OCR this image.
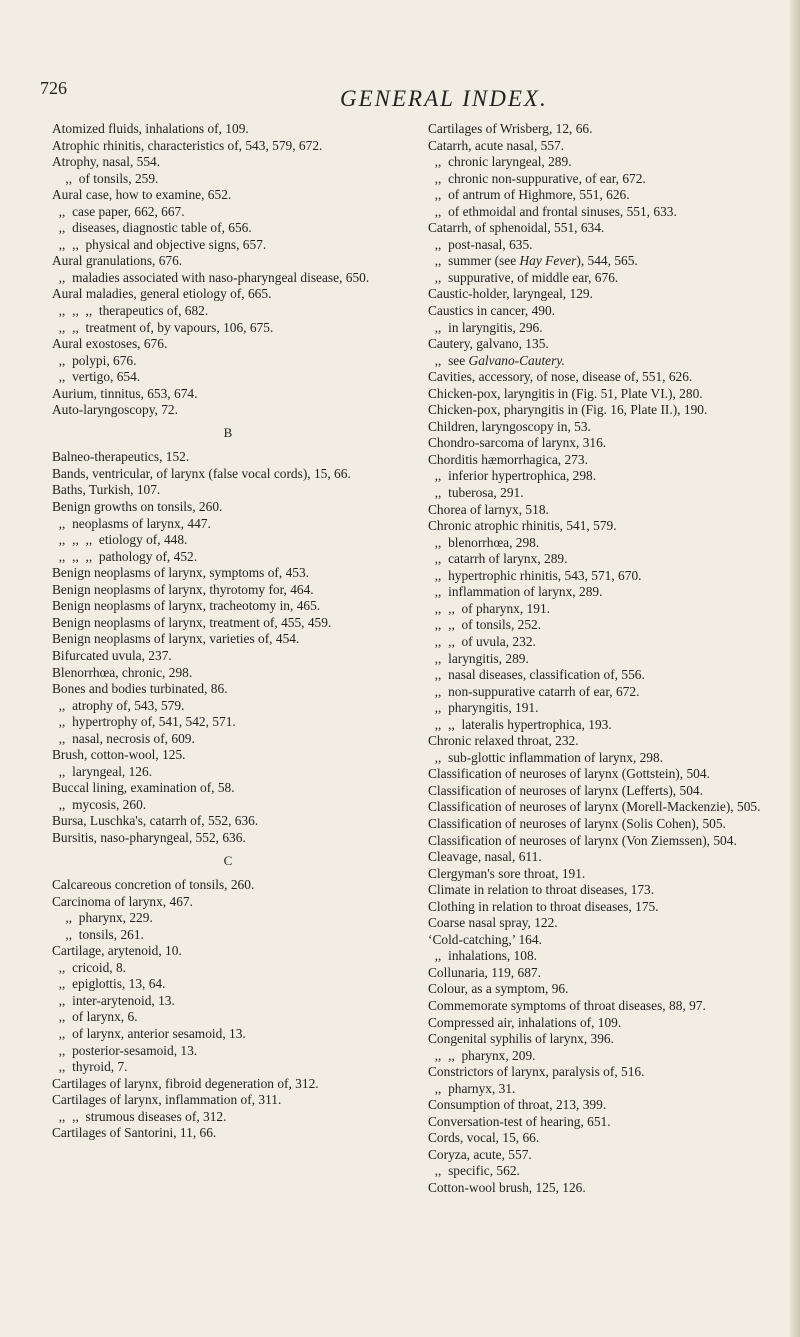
726	GENERAL INDEX.
Atomized fluids, inhalations of, 109.
Atrophic rhinitis, characteristics of, 543, 579, 672.
Atrophy, nasal, 554.
,,  of tonsils, 259.
Aural case, how to examine, 652.
,,  case paper, 662, 667.
,,  diseases, diagnostic table of, 656.
,,  ,,  physical and objective signs, 657.
Aural granulations, 676.
,,  maladies associated with naso-pharyngeal disease, 650.
Aural maladies, general etiology of, 665.
,,  ,,  ,,  therapeutics of, 682.
,,  ,,  treatment of, by vapours, 106, 675.
Aural exostoses, 676.
,,  polypi, 676.
,,  vertigo, 654.
Aurium, tinnitus, 653, 674.
Auto-laryngoscopy, 72.
B
Balneo-therapeutics, 152.
Bands, ventricular, of larynx (false vocal cords), 15, 66.
Baths, Turkish, 107.
Benign growths on tonsils, 260.
,,  neoplasms of larynx, 447.
,,  ,,  ,,  etiology of, 448.
,,  ,,  ,,  pathology of, 452.
Benign neoplasms of larynx, symptoms of, 453.
Benign neoplasms of larynx, thyrotomy for, 464.
Benign neoplasms of larynx, tracheotomy in, 465.
Benign neoplasms of larynx, treatment of, 455, 459.
Benign neoplasms of larynx, varieties of, 454.
Bifurcated uvula, 237.
Blenorrhœa, chronic, 298.
Bones and bodies turbinated, 86.
,,  atrophy of, 543, 579.
,,  hypertrophy of, 541, 542, 571.
,,  nasal, necrosis of, 609.
Brush, cotton-wool, 125.
,,  laryngeal, 126.
Buccal lining, examination of, 58.
,,  mycosis, 260.
Bursa, Luschka's, catarrh of, 552, 636.
Bursitis, naso-pharyngeal, 552, 636.
C
Calcareous concretion of tonsils, 260.
Carcinoma of larynx, 467.
,,  pharynx, 229.
,,  tonsils, 261.
Cartilage, arytenoid, 10.
,,  cricoid, 8.
,,  epiglottis, 13, 64.
,,  inter-arytenoid, 13.
,,  of larynx, 6.
,,  of larynx, anterior sesamoid, 13.
,,  posterior-sesamoid, 13.
,,  thyroid, 7.
Cartilages of larynx, fibroid degeneration of, 312.
Cartilages of larynx, inflammation of, 311.
,,  ,,  strumous diseases of, 312.
Cartilages of Santorini, 11, 66.
Cartilages of Wrisberg, 12, 66.
Catarrh, acute nasal, 557.
,,  chronic laryngeal, 289.
,,  chronic non-suppurative, of ear, 672.
,,  of antrum of Highmore, 551, 626.
,,  of ethmoidal and frontal sinuses, 551, 633.
Catarrh, of sphenoidal, 551, 634.
,,  post-nasal, 635.
,,  summer (see Hay Fever), 544, 565.
,,  suppurative, of middle ear, 676.
Caustic-holder, laryngeal, 129.
Caustics in cancer, 490.
,,  in laryngitis, 296.
Cautery, galvano, 135.
,,  see Galvano-Cautery.
Cavities, accessory, of nose, disease of, 551, 626.
Chicken-pox, laryngitis in (Fig. 51, Plate VI.), 280.
Chicken-pox, pharyngitis in (Fig. 16, Plate II.), 190.
Children, laryngoscopy in, 53.
Chondro-sarcoma of larynx, 316.
Chorditis hæmorrhagica, 273.
,,  inferior hypertrophica, 298.
,,  tuberosa, 291.
Chorea of larnyx, 518.
Chronic atrophic rhinitis, 541, 579.
,,  blenorrhœa, 298.
,,  catarrh of larynx, 289.
,,  hypertrophic rhinitis, 543, 571, 670.
,,  inflammation of larynx, 289.
,,  ,,  of pharynx, 191.
,,  ,,  of tonsils, 252.
,,  ,,  of uvula, 232.
,,  laryngitis, 289.
,,  nasal diseases, classification of, 556.
,,  non-suppurative catarrh of ear, 672.
,,  pharyngitis, 191.
,,  ,,  lateralis hypertrophica, 193.
Chronic relaxed throat, 232.
,,  sub-glottic inflammation of larynx, 298.
Classification of neuroses of larynx (Gottstein), 504.
Classification of neuroses of larynx (Lefferts), 504.
Classification of neuroses of larynx (Morell-Mackenzie), 505.
Classification of neuroses of larynx (Solis Cohen), 505.
Classification of neuroses of larynx (Von Ziemssen), 504.
Cleavage, nasal, 611.
Clergyman's sore throat, 191.
Climate in relation to throat diseases, 173.
Clothing in relation to throat diseases, 175.
Coarse nasal spray, 122.
‘Cold-catching,’ 164.
,,  inhalations, 108.
Collunaria, 119, 687.
Colour, as a symptom, 96.
Commemorate symptoms of throat diseases, 88, 97.
Compressed air, inhalations of, 109.
Congenital syphilis of larynx, 396.
,,  ,,  pharynx, 209.
Constrictors of larynx, paralysis of, 516.
,,  pharnyx, 31.
Consumption of throat, 213, 399.
Conversation-test of hearing, 651.
Cords, vocal, 15, 66.
Coryza, acute, 557.
,,  specific, 562.
Cotton-wool brush, 125, 126.
